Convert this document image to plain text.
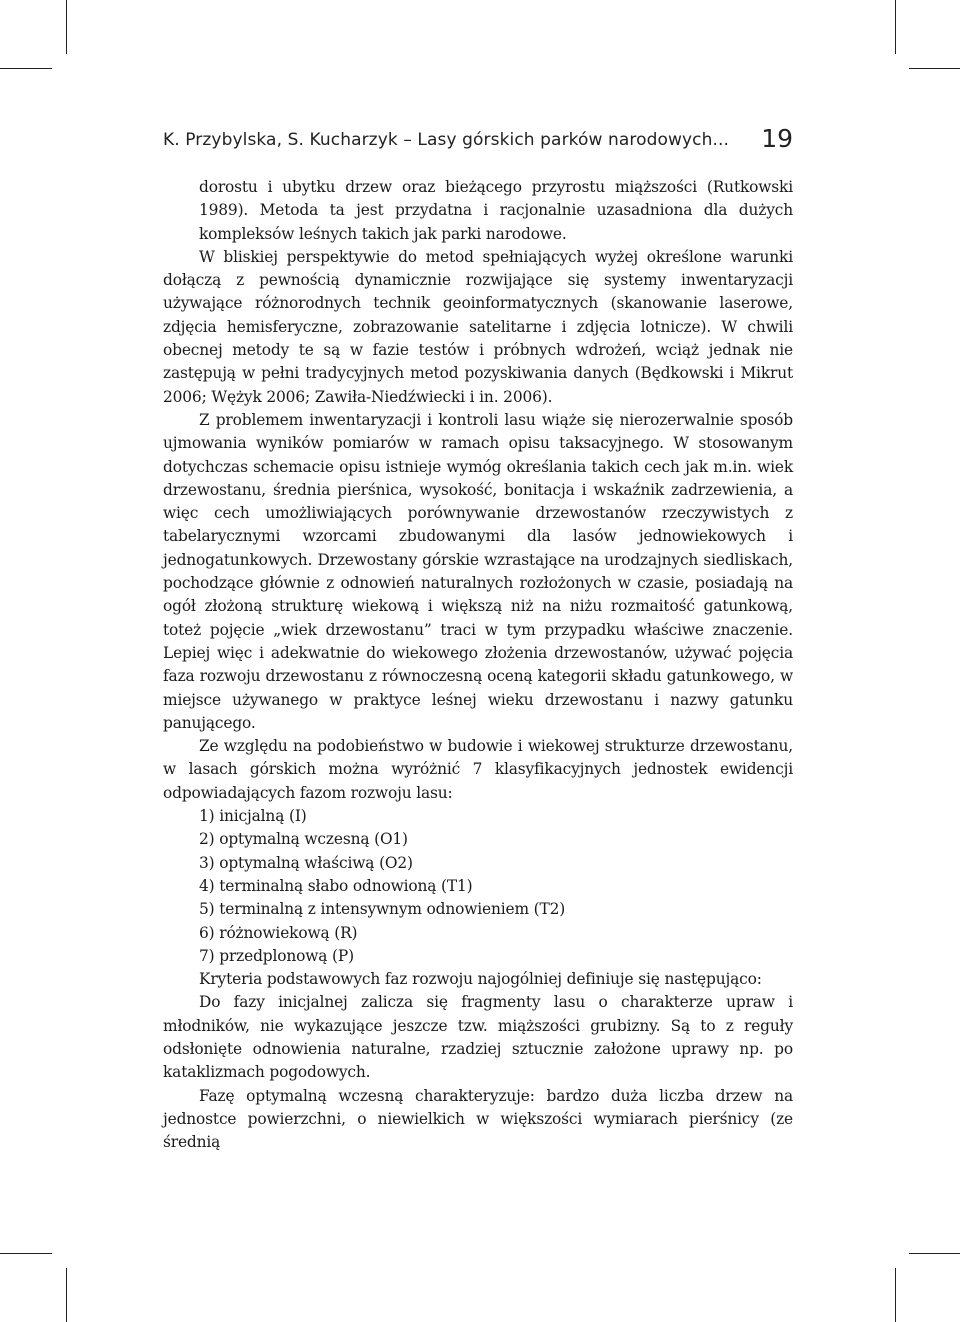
K. Przybylska, S. Kucharzyk – Lasy górskich parków narodowych... 19

dorostu i ubytku drzew oraz bieżącego przyrostu miąższości (Rutkowski 1989). Metoda ta jest przydatna i racjonalnie uzasadniona dla dużych kompleksów leśnych takich jak parki narodowe.

W bliskiej perspektywie do metod spełniających wyżej określone warunki dołączą z pewnością dynamicznie rozwijające się systemy inwentaryzacji używające różnorodnych technik geoinformatycznych (skanowanie laserowe, zdjęcia hemisferyczne, zobrazowanie satelitarne i zdjęcia lotnicze). W chwili obecnej metody te są w fazie testów i próbnych wdrożeń, wciąż jednak nie zastępują w pełni tradycyjnych metod pozyskiwania danych (Będkowski i Mikrut 2006; Wężyk 2006; Zawiła-Niedźwiecki i in. 2006).

Z problemem inwentaryzacji i kontroli lasu wiąże się nierozerwalnie sposób ujmowania wyników pomiarów w ramach opisu taksacyjnego. W stosowanym dotychczas schemacie opisu istnieje wymóg określania takich cech jak m.in. wiek drzewostanu, średnia pierśnica, wysokość, bonitacja i wskaźnik zadrzewienia, a więc cech umożliwiających porównywanie drzewostanów rzeczywistych z tabelarycznymi wzorcami zbudowanymi dla lasów jednowiekowych i jednogatunkowych. Drzewostany górskie wzrastające na urodzajnych siedliskach, pochodzące głównie z odnowień naturalnych rozłożonych w czasie, posiadają na ogół złożoną strukturę wiekową i większą niż na niżu rozmaitość gatunkową, toteż pojęcie „wiek drzewostanu” traci w tym przypadku właściwe znaczenie. Lepiej więc i adekwatnie do wiekowego złożenia drzewostanów, używać pojęcia faza rozwoju drzewostanu z równoczesną oceną kategorii składu gatunkowego, w miejsce używanego w praktyce leśnej wieku drzewostanu i nazwy gatunku panującego.

Ze względu na podobieństwo w budowie i wiekowej strukturze drzewostanu, w lasach górskich można wyróżnić 7 klasyfikacyjnych jednostek ewidencji odpowiadających fazom rozwoju lasu:

1) inicjalną (I)
2) optymalną wczesną (O1)
3) optymalną właściwą (O2)
4) terminalną słabo odnowioną (T1)
5) terminalną z intensywnym odnowieniem (T2)
6) różnowiekową (R)
7) przedplonową (P)

Kryteria podstawowych faz rozwoju najogólniej definiuje się następująco:

Do fazy inicjalnej zalicza się fragmenty lasu o charakterze upraw i młodników, nie wykazujące jeszcze tzw. miąższości grubizny. Są to z reguły odsłonięte odnowienia naturalne, rzadziej sztucznie założone uprawy np. po kataklizmach pogodowych.

Fazę optymalną wczesną charakteryzuje: bardzo duża liczba drzew na jednostce powierzchni, o niewielkich w większości wymiarach pierśnicy (ze średnią
